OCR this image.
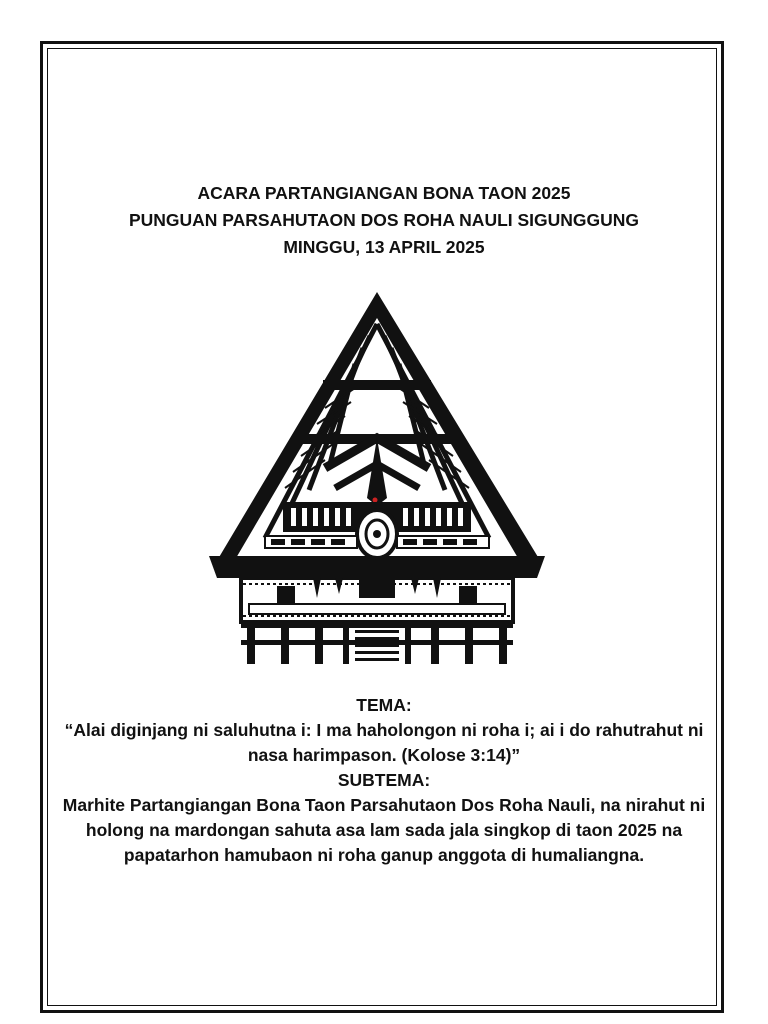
ACARA PARTANGIANGAN BONA TAON 2025
PUNGUAN PARSAHUTAON DOS ROHA NAULI SIGUNGGUNG
MINGGU, 13 APRIL 2025

TEMA:

“Alai diginjang ni saluhutna i: I ma haholongon ni roha i; ai i do rahutrahut ni nasa harimpason. (Kolose 3:14)”

SUBTEMA:

Marhite Partangiangan Bona Taon Parsahutaon Dos Roha Nauli, na nirahut ni holong na mardongan sahuta asa lam sada jala singkop di taon 2025 na papatarhon hamubaon ni roha ganup anggota di humaliangna.
